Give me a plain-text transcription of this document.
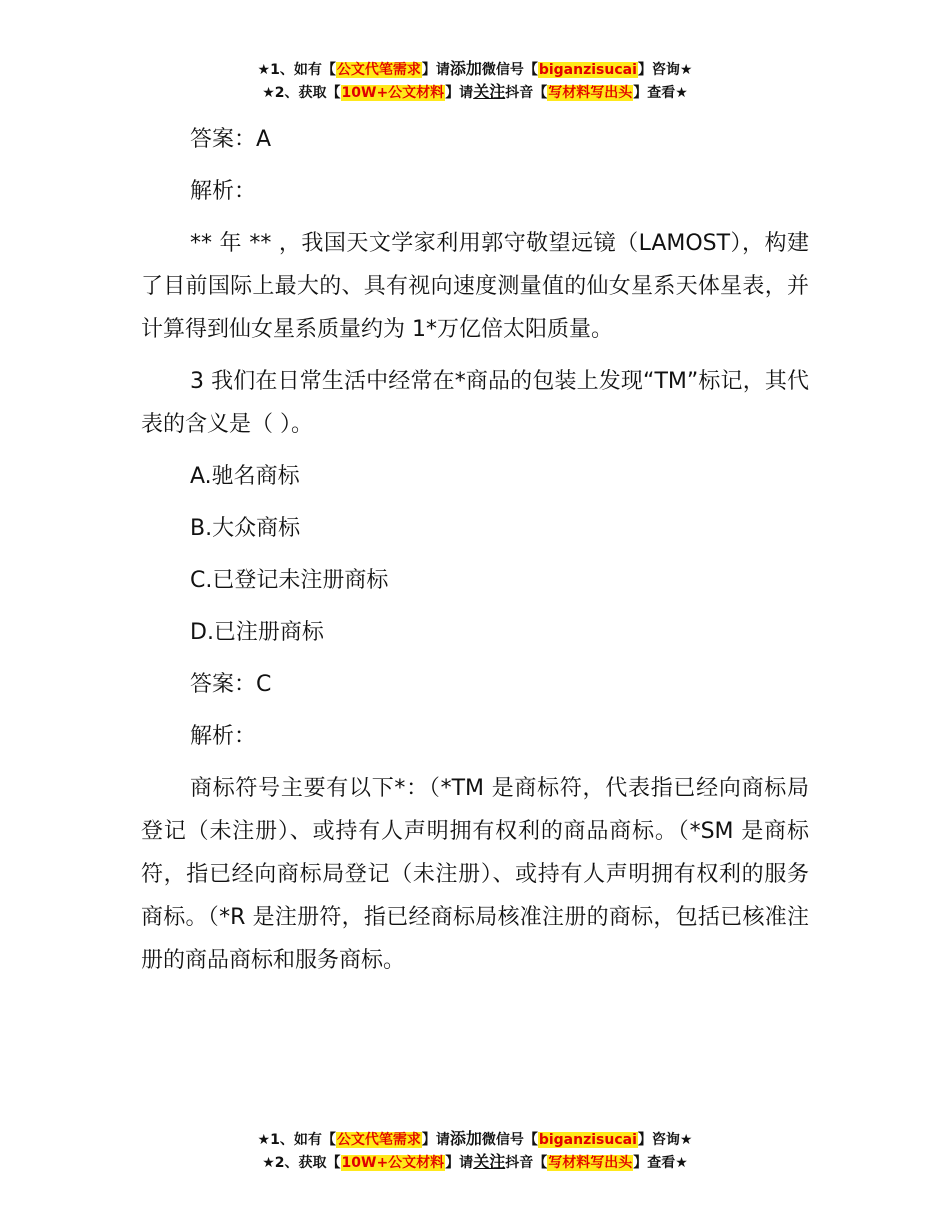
★1、如有【公文代笔需求】请添加微信号【biganzisucai】咨询★
★2、获取【10W+公文材料】请关注抖音【写材料写出头】查看★

答案：A

解析：

** 年 ** ，我国天文学家利用郭守敬望远镜（LAMOST），构建了目前国际上最大的、具有视向速度测量值的仙女星系天体星表，并计算得到仙女星系质量约为 1*万亿倍太阳质量。

3 我们在日常生活中经常在*商品的包装上发现“TM”标记，其代表的含义是（ ）。

A.驰名商标

B.大众商标

C.已登记未注册商标

D.已注册商标

答案：C

解析：

商标符号主要有以下*：（*TM 是商标符，代表指已经向商标局登记（未注册）、或持有人声明拥有权利的商品商标。（*SM 是商标符，指已经向商标局登记（未注册）、或持有人声明拥有权利的服务商标。（*R 是注册符，指已经商标局核准注册的商标，包括已核准注册的商品商标和服务商标。

★1、如有【公文代笔需求】请添加微信号【biganzisucai】咨询★
★2、获取【10W+公文材料】请关注抖音【写材料写出头】查看★
